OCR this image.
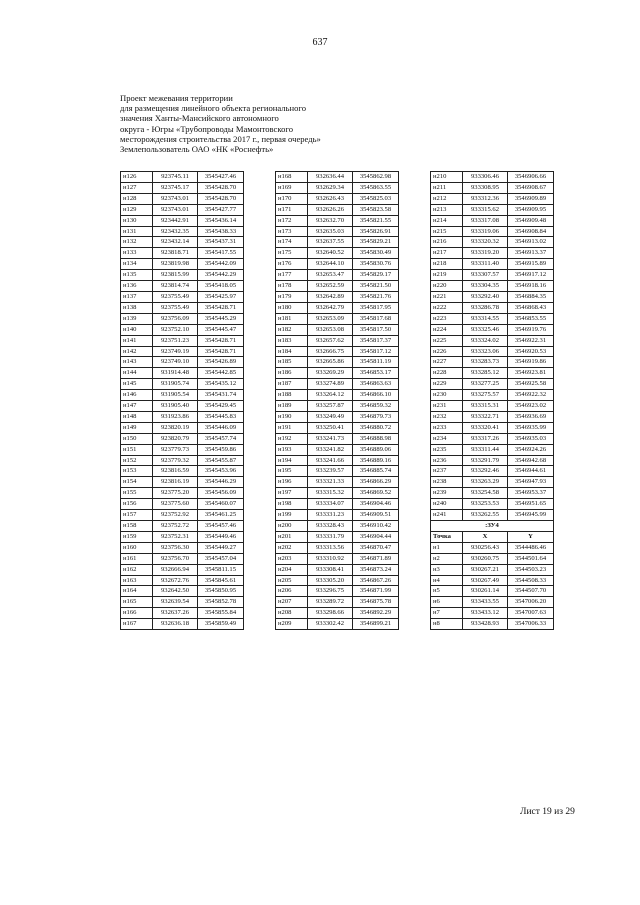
637
Проект межевания территории
для размещения линейного объекта регионального
значения Ханты-Мансийского автономного
округа - Югры «Трубопроводы Мамонтовского
месторождения строительства 2017 г., первая очередь»
Землепользователь ОАО «НК «Роснефть»
н126	923745.11	3545427.46
н127	923745.17	3545428.70
н128	923743.01	3545428.70
н129	923743.01	3545427.77
н130	923442.91	3545436.14
н131	923432.35	3545438.33
н132	923432.14	3545437.31
н133	923818.71	3545417.55
н134	923819.98	3545442.09
н135	923815.99	3545442.29
н136	923814.74	3545418.05
н137	923755.49	3545425.97
н138	923755.49	3545428.71
н139	923756.09	3545445.29
н140	923752.10	3545445.47
н141	923751.23	3545428.71
н142	923749.19	3545428.71
н143	923749.10	3545426.89
н144	931914.48	3545442.85
н145	931905.74	3545435.12
н146	931905.54	3545431.74
н147	931905.40	3545429.45
н148	931923.86	3545445.83
н149	923820.19	3545446.09
н150	923820.79	3545457.74
н151	923779.73	3545459.86
н152	923779.32	3545455.87
н153	923816.59	3545453.96
н154	923816.19	3545446.29
н155	923775.20	3545456.09
н156	923775.60	3545460.07
н157	923752.92	3545461.25
н158	923752.72	3545457.46
н159	923752.31	3545449.46
н160	923756.30	3545449.27
н161	923756.70	3545457.04
н162	932666.94	3545811.15
н163	932672.76	3545845.61
н164	932642.50	3545850.95
н165	932639.54	3545852.78
н166	932637.26	3545855.84
н167	932636.18	3545859.49
н168	932636.44	3545862.98
н169	932629.34	3545863.55
н170	932626.43	3545825.03
н171	932626.26	3545823.58
н172	932632.70	3545821.55
н173	932635.03	3545826.91
н174	932637.55	3545829.21
н175	932640.52	3545830.49
н176	932644.10	3545830.76
н177	932653.47	3545829.17
н178	932652.59	3545821.50
н179	932642.89	3545821.76
н180	932642.79	3545817.95
н181	932653.09	3545817.68
н182	932653.08	3545817.50
н183	932657.62	3545817.37
н184	932666.75	3545817.12
н185	932665.86	3545811.19
н186	933269.29	3546853.17
н187	933274.89	3546863.63
н188	933264.12	3546866.10
н189	933257.87	3546859.32
н190	933249.49	3546879.73
н191	933250.41	3546880.72
н192	933241.73	3546888.98
н193	933241.82	3546889.06
н194	933241.66	3546889.16
н195	933239.57	3546885.74
н196	933321.33	3546866.29
н197	933315.32	3546869.52
н198	933334.07	3546904.46
н199	933331.23	3546909.51
н200	933328.43	3546910.42
н201	933331.79	3546904.44
н202	933313.56	3546870.47
н203	933310.92	3546871.89
н204	933308.41	3546873.24
н205	933305.20	3546867.26
н206	933296.75	3546871.99
н207	933289.72	3546875.78
н208	933298.66	3546892.29
н209	933302.42	3546899.21
н210	933306.46	3546906.66
н211	933308.95	3546908.67
н212	933312.36	3546909.89
н213	933315.62	3546909.95
н214	933317.08	3546909.48
н215	933319.06	3546908.84
н216	933320.32	3546913.02
н217	933319.20	3546913.37
н218	933311.40	3546915.89
н219	933307.57	3546917.12
н220	933304.35	3546918.16
н221	933292.40	3546884.35
н222	933286.78	3546868.43
н223	933314.55	3546853.55
н224	933325.46	3546919.76
н225	933324.02	3546922.31
н226	933323.06	3546920.53
н227	933283.73	3546919.86
н228	933285.12	3546923.81
н229	933277.25	3546925.58
н230	933275.57	3546922.32
н231	933315.31	3546923.02
н232	933322.71	3546936.69
н233	933320.41	3546935.99
н234	933317.26	3546935.03
н235	933311.44	3546924.26
н236	933291.79	3546942.68
н237	933292.46	3546944.61
н238	933263.29	3546947.93
н239	933254.58	3546953.37
н240	933253.53	3546951.65
н241	933262.55	3546945.99
:ЗУ4		
Точка	X	Y
н1	930256.43	3544486.46
н2	930260.75	3544501.64
н3	930267.21	3544503.23
н4	930267.49	3544508.33
н5	930261.14	3544507.70
н6	933433.55	3547006.20
н7	933433.12	3547007.63
н8	933428.93	3547006.33
Лист 19 из 29
